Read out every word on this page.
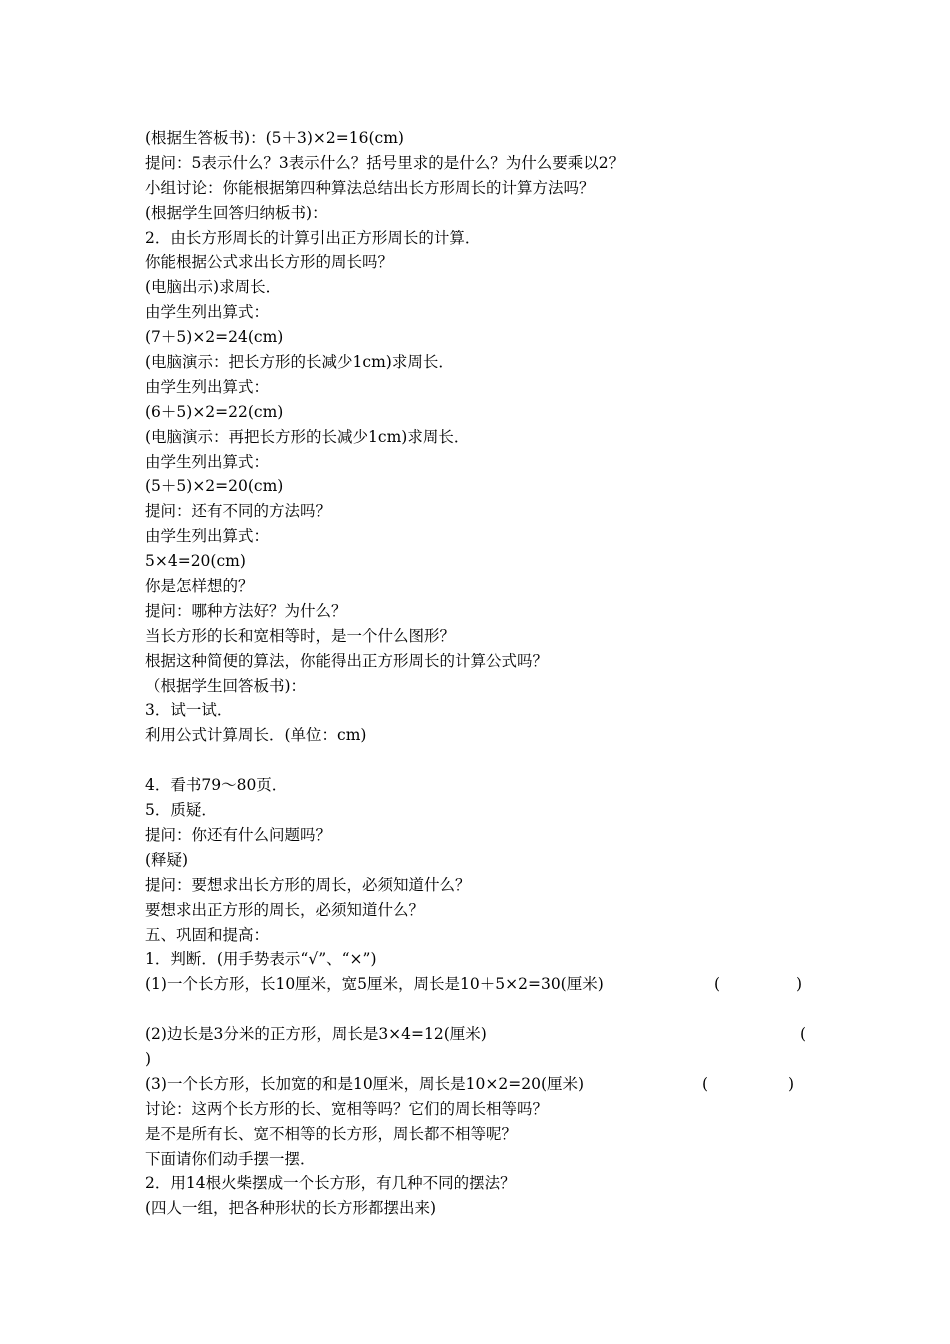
(根据生答板书)：(5＋3)×2=16(cm)
提问：5表示什么？3表示什么？括号里求的是什么？为什么要乘以2？
小组讨论：你能根据第四种算法总结出长方形周长的计算方法吗？
(根据学生回答归纳板书)：
2．由长方形周长的计算引出正方形周长的计算．
你能根据公式求出长方形的周长吗？
(电脑出示)求周长．
由学生列出算式：
(7＋5)×2=24(cm)
(电脑演示：把长方形的长减少1cm)求周长．
由学生列出算式：
(6＋5)×2=22(cm)
(电脑演示：再把长方形的长减少1cm)求周长．
由学生列出算式：
(5＋5)×2=20(cm)
提问：还有不同的方法吗？
由学生列出算式：
5×4=20(cm)
你是怎样想的？
提问：哪种方法好？为什么？
当长方形的长和宽相等时，是一个什么图形？
根据这种简便的算法，你能得出正方形周长的计算公式吗？
（根据学生回答板书)：
3．试一试．
利用公式计算周长．(单位：cm)
4．看书79～80页．
5．质疑．
提问：你还有什么问题吗？
(释疑)
提问：要想求出长方形的周长，必须知道什么？
要想求出正方形的周长，必须知道什么？
五、巩固和提高：
1．判断．(用手势表示“√”、“×”)
(1)一个长方形，长10厘米，宽5厘米，周长是10＋5×2=30(厘米)	(	)
(2)边长是3分米的正方形，周长是3×4=12(厘米)	(
)
(3)一个长方形，长加宽的和是10厘米，周长是10×2=20(厘米)	(	)
讨论：这两个长方形的长、宽相等吗？它们的周长相等吗？
是不是所有长、宽不相等的长方形，周长都不相等呢？
下面请你们动手摆一摆．
2．用14根火柴摆成一个长方形，有几种不同的摆法？
(四人一组，把各种形状的长方形都摆出来)
